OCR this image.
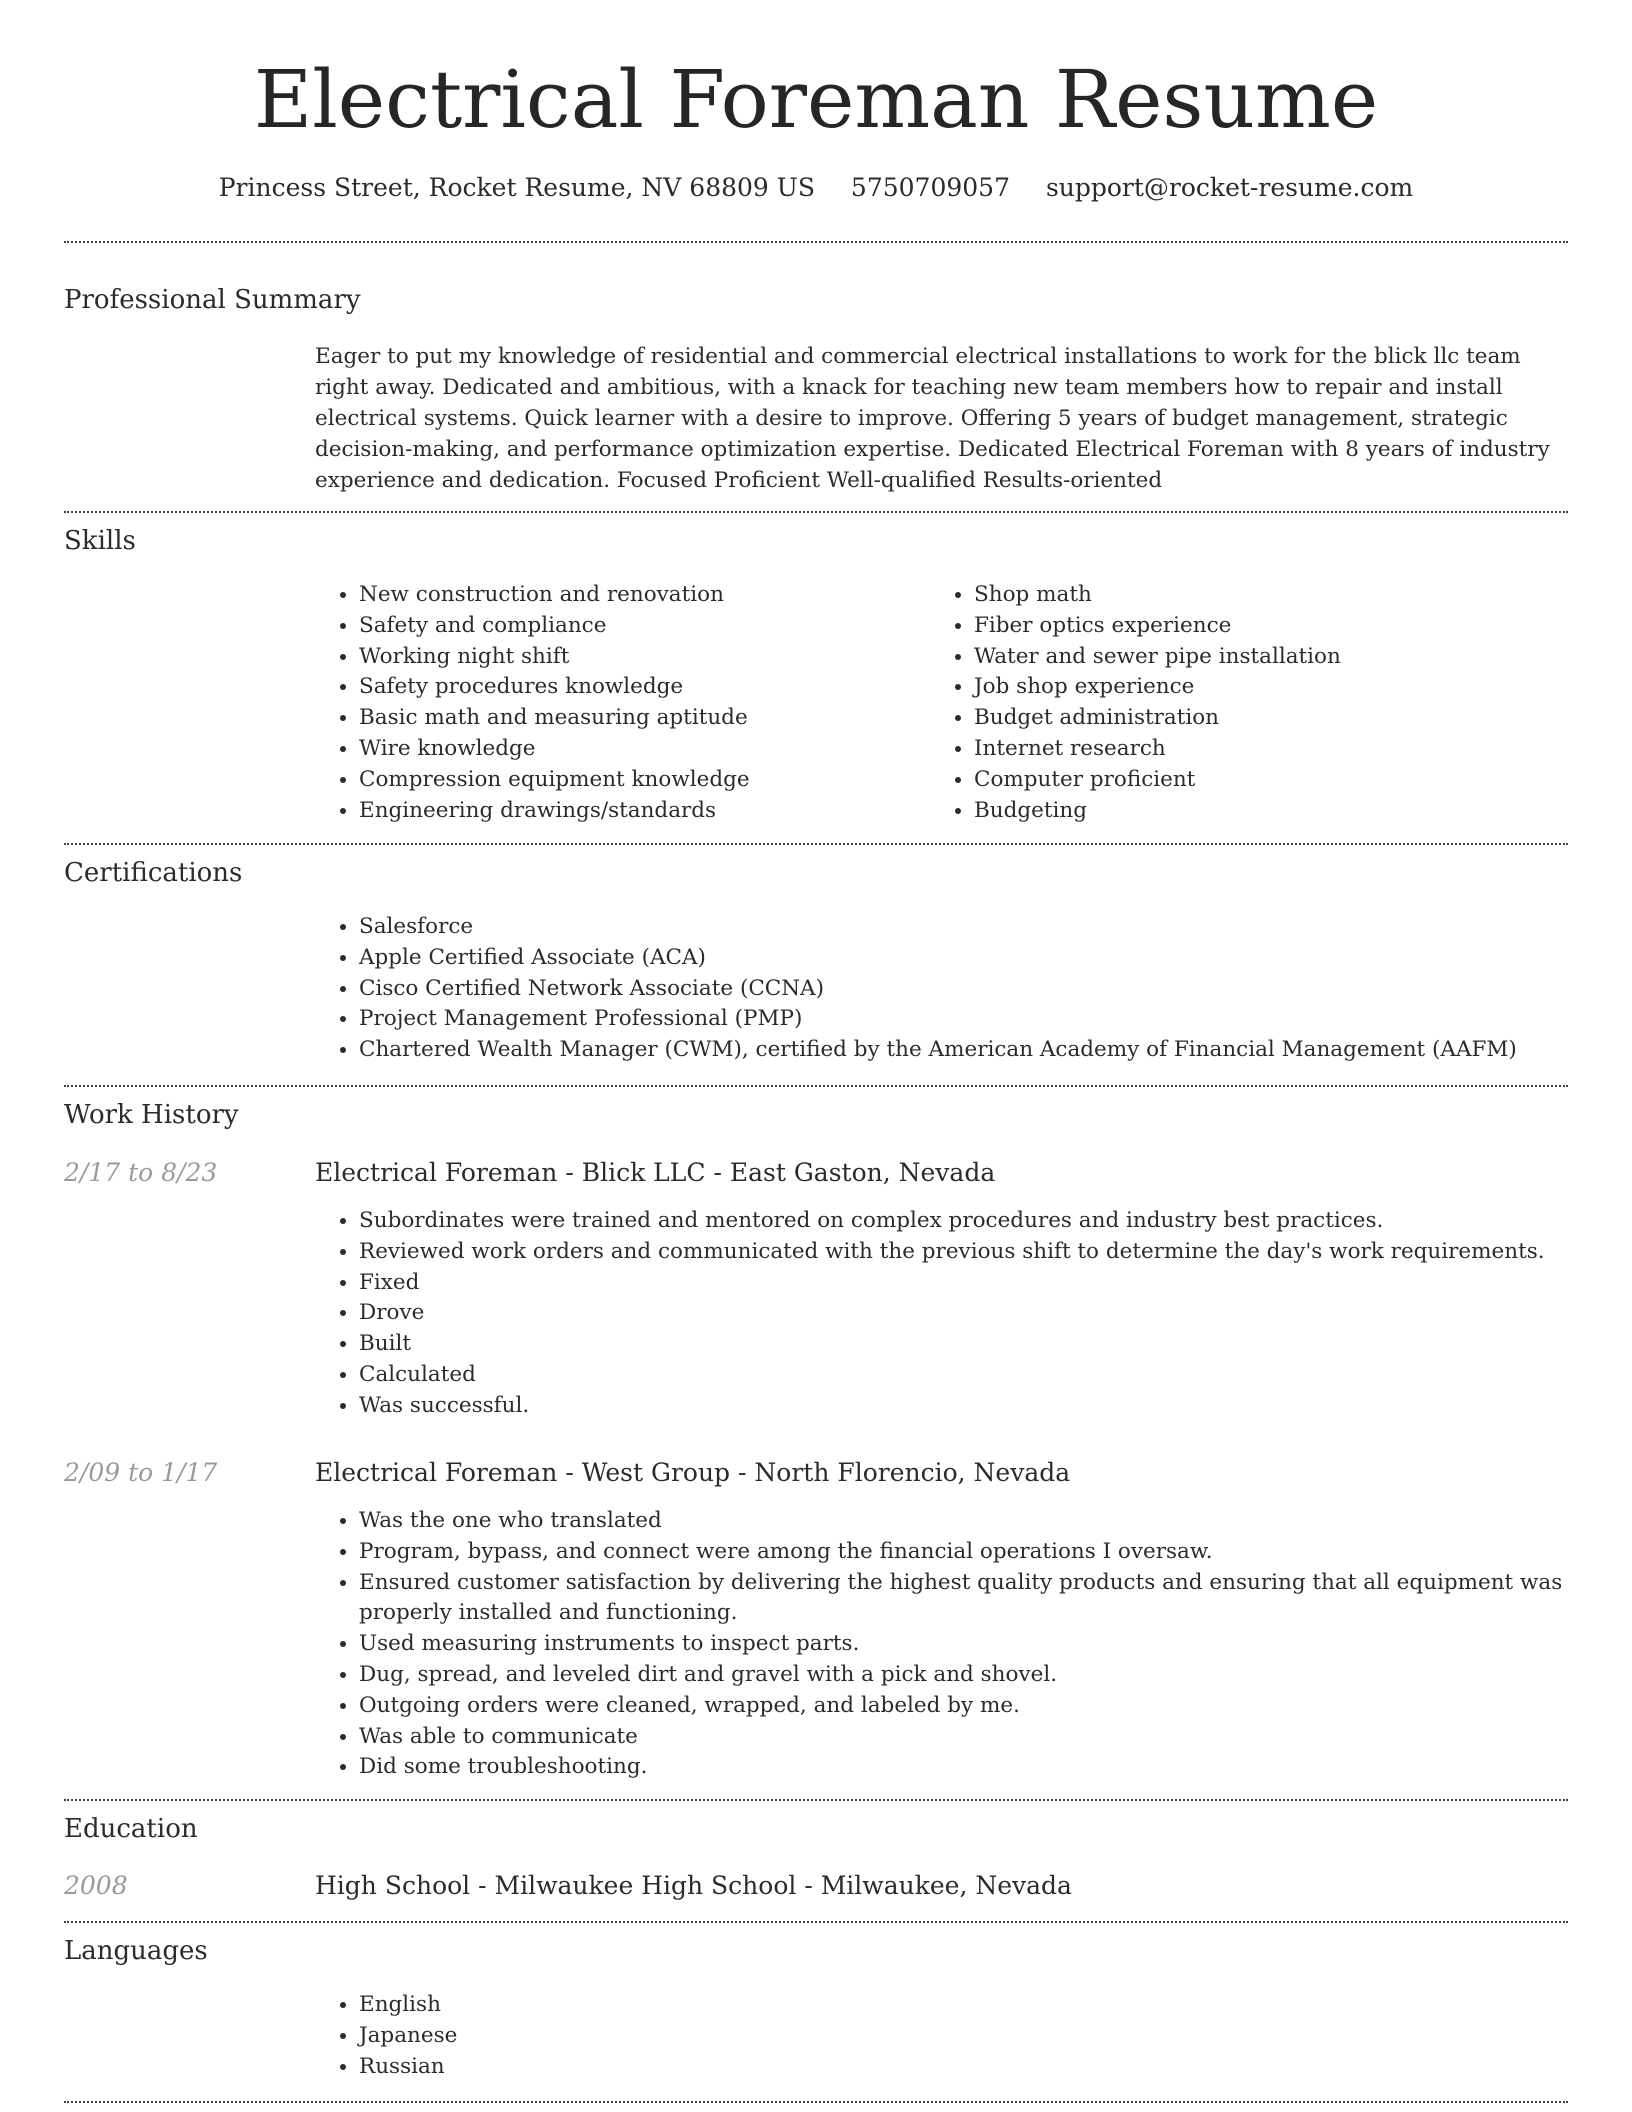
Electrical Foreman Resume
Princess Street, Rocket Resume, NV 68809 US 5750709057 support@rocket-resume.com
Professional Summary
Eager to put my knowledge of residential and commercial electrical installations to work for the blick llc team right away. Dedicated and ambitious, with a knack for teaching new team members how to repair and install electrical systems. Quick learner with a desire to improve. Offering 5 years of budget management, strategic decision-making, and performance optimization expertise. Dedicated Electrical Foreman with 8 years of industry experience and dedication. Focused Proficient Well-qualified Results-oriented
Skills
• New construction and renovation
• Safety and compliance
• Working night shift
• Safety procedures knowledge
• Basic math and measuring aptitude
• Wire knowledge
• Compression equipment knowledge
• Engineering drawings/standards
• Shop math
• Fiber optics experience
• Water and sewer pipe installation
• Job shop experience
• Budget administration
• Internet research
• Computer proficient
• Budgeting
Certifications
• Salesforce
• Apple Certified Associate (ACA)
• Cisco Certified Network Associate (CCNA)
• Project Management Professional (PMP)
• Chartered Wealth Manager (CWM), certified by the American Academy of Financial Management (AAFM)
Work History
2/17 to 8/23	Electrical Foreman - Blick LLC - East Gaston, Nevada
• Subordinates were trained and mentored on complex procedures and industry best practices.
• Reviewed work orders and communicated with the previous shift to determine the day's work requirements.
• Fixed
• Drove
• Built
• Calculated
• Was successful.
2/09 to 1/17	Electrical Foreman - West Group - North Florencio, Nevada
• Was the one who translated
• Program, bypass, and connect were among the financial operations I oversaw.
• Ensured customer satisfaction by delivering the highest quality products and ensuring that all equipment was properly installed and functioning.
• Used measuring instruments to inspect parts.
• Dug, spread, and leveled dirt and gravel with a pick and shovel.
• Outgoing orders were cleaned, wrapped, and labeled by me.
• Was able to communicate
• Did some troubleshooting.
Education
2008	High School - Milwaukee High School - Milwaukee, Nevada
Languages
• English
• Japanese
• Russian
